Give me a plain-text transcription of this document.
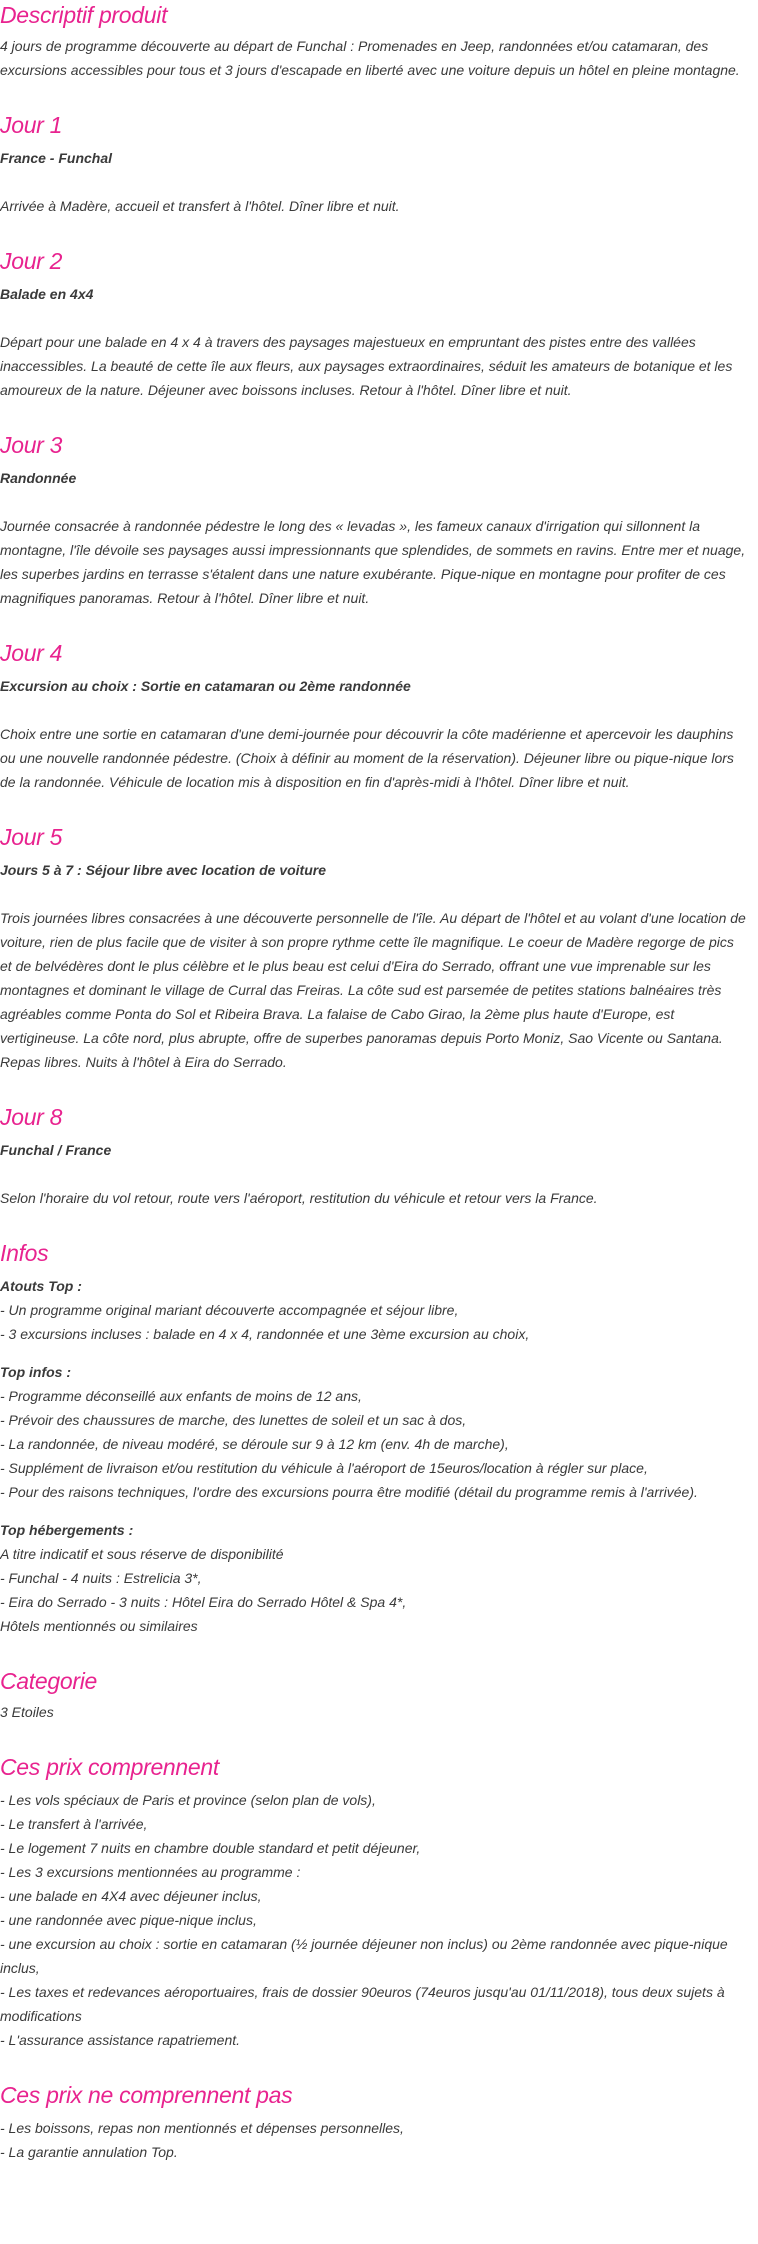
Descriptif produit

4 jours de programme découverte au départ de Funchal : Promenades en Jeep, randonnées et/ou catamaran, des excursions accessibles pour tous et 3 jours d'escapade en liberté avec une voiture depuis un hôtel en pleine montagne.

Jour 1

France - Funchal

Arrivée à Madère, accueil et transfert à l'hôtel. Dîner libre et nuit.

Jour 2

Balade en 4x4

Départ pour une balade en 4 x 4 à travers des paysages majestueux en empruntant des pistes entre des vallées inaccessibles. La beauté de cette île aux fleurs, aux paysages extraordinaires, séduit les amateurs de botanique et les amoureux de la nature. Déjeuner avec boissons incluses. Retour à l'hôtel. Dîner libre et nuit.

Jour 3

Randonnée

Journée consacrée à randonnée pédestre le long des « levadas », les fameux canaux d'irrigation qui sillonnent la montagne, l'île dévoile ses paysages aussi impressionnants que splendides, de sommets en ravins. Entre mer et nuage, les superbes jardins en terrasse s'étalent dans une nature exubérante. Pique-nique en montagne pour profiter de ces magnifiques panoramas. Retour à l'hôtel. Dîner libre et nuit.

Jour 4

Excursion au choix : Sortie en catamaran ou 2ème randonnée

Choix entre une sortie en catamaran d'une demi-journée pour découvrir la côte madérienne et apercevoir les dauphins ou une nouvelle randonnée pédestre. (Choix à définir au moment de la réservation). Déjeuner libre ou pique-nique lors de la randonnée. Véhicule de location mis à disposition en fin d'après-midi à l'hôtel. Dîner libre et nuit.

Jour 5

Jours 5 à 7 : Séjour libre avec location de voiture

Trois journées libres consacrées à une découverte personnelle de l'île. Au départ de l'hôtel et au volant d'une location de voiture, rien de plus facile que de visiter à son propre rythme cette île magnifique. Le coeur de Madère regorge de pics et de belvédères dont le plus célèbre et le plus beau est celui d'Eira do Serrado, offrant une vue imprenable sur les montagnes et dominant le village de Curral das Freiras. La côte sud est parsemée de petites stations balnéaires très agréables comme Ponta do Sol et Ribeira Brava. La falaise de Cabo Girao, la 2ème plus haute d'Europe, est vertigineuse. La côte nord, plus abrupte, offre de superbes panoramas depuis Porto Moniz, Sao Vicente ou Santana. Repas libres. Nuits à l'hôtel à Eira do Serrado.

Jour 8

Funchal / France

Selon l'horaire du vol retour, route vers l'aéroport, restitution du véhicule et retour vers la France.

Infos
Atouts Top :
- Un programme original mariant découverte accompagnée et séjour libre,
- 3 excursions incluses : balade en 4 x 4, randonnée et une 3ème excursion au choix,
Top infos :
- Programme déconseillé aux enfants de moins de 12 ans,
- Prévoir des chaussures de marche, des lunettes de soleil et un sac à dos,
- La randonnée, de niveau modéré, se déroule sur 9 à 12 km (env. 4h de marche),
- Supplément de livraison et/ou restitution du véhicule à l'aéroport de 15euros/location à régler sur place,
- Pour des raisons techniques, l'ordre des excursions pourra être modifié (détail du programme remis à l'arrivée).
Top hébergements :
A titre indicatif et sous réserve de disponibilité
- Funchal - 4 nuits : Estrelicia 3*,
- Eira do Serrado - 3 nuits : Hôtel Eira do Serrado Hôtel & Spa 4*,
Hôtels mentionnés ou similaires
Categorie

3 Etoiles

Ces prix comprennent
- Les vols spéciaux de Paris et province (selon plan de vols),
- Le transfert à l'arrivée,
- Le logement 7 nuits en chambre double standard et petit déjeuner,
- Les 3 excursions mentionnées au programme :
- une balade en 4X4 avec déjeuner inclus,
- une randonnée avec pique-nique inclus,
- une excursion au choix : sortie en catamaran (½ journée déjeuner non inclus) ou 2ème randonnée avec pique-nique inclus,
- Les taxes et redevances aéroportuaires, frais de dossier 90euros (74euros jusqu'au 01/11/2018), tous deux sujets à modifications
- L'assurance assistance rapatriement.
Ces prix ne comprennent pas
- Les boissons, repas non mentionnés et dépenses personnelles,
- La garantie annulation Top.
